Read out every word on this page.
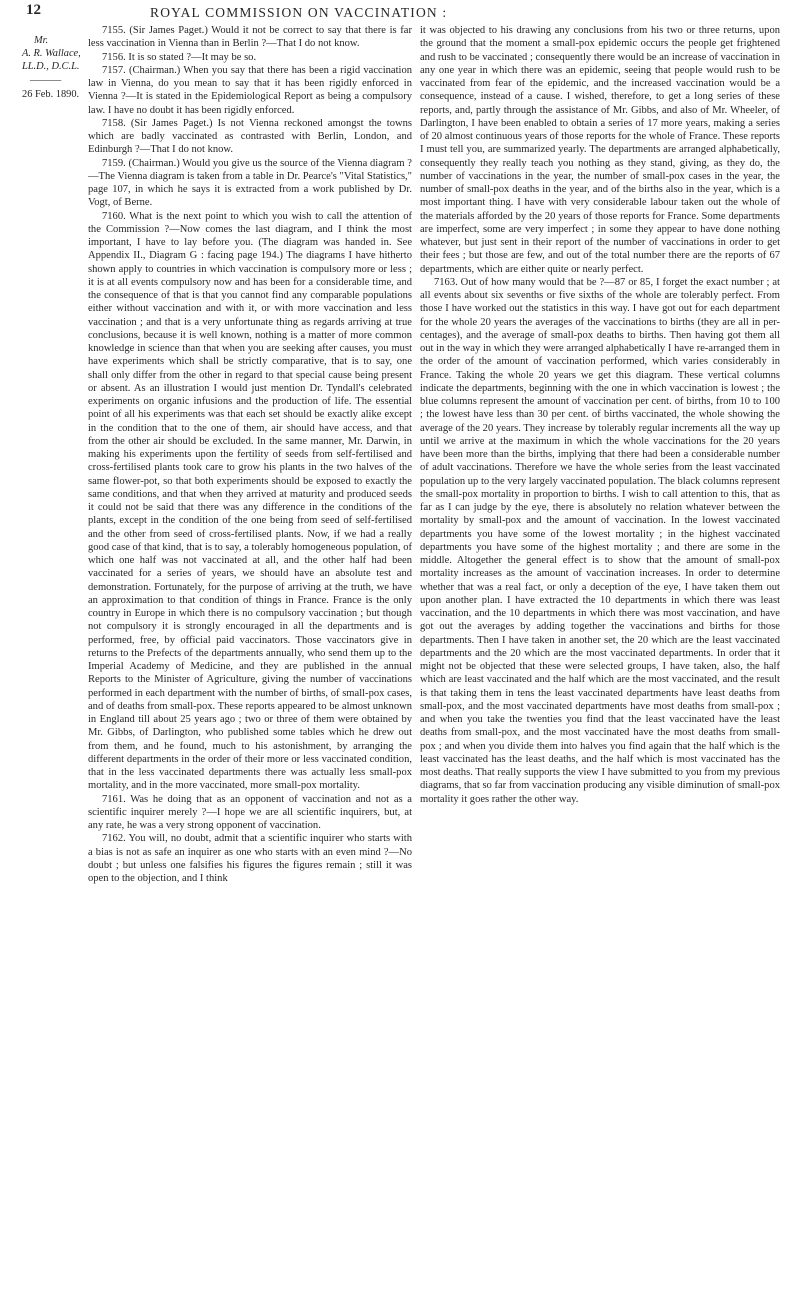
12	ROYAL COMMISSION ON VACCINATION :
Mr.
A. R. Wallace,
LL.D., D.C.L.
______
26 Feb. 1890.

7155. (Sir James Paget.) Would it not be correct to say that there is far less vaccination in Vienna than in Berlin ?—That I do not know.

7156. It is so stated ?—It may be so.

7157. (Chairman.) When you say that there has been a rigid vaccination law in Vienna, do you mean to say that it has been rigidly enforced in Vienna ?—It is stated in the Epidemiological Report as being a compulsory law. I have no doubt it has been rigidly enforced.

7158. (Sir James Paget.) Is not Vienna reckoned amongst the towns which are badly vaccinated as contrasted with Berlin, London, and Edinburgh ?—That I do not know.

7159. (Chairman.) Would you give us the source of the Vienna diagram ?—The Vienna diagram is taken from a table in Dr. Pearce's "Vital Statistics," page 107, in which he says it is extracted from a work published by Dr. Vogt, of Berne.

7160. What is the next point to which you wish to call the attention of the Commission ?—Now comes the last diagram, and I think the most important, I have to lay before you. (The diagram was handed in. See Appendix II., Diagram G : facing page 194.) The diagrams I have hitherto shown apply to countries in which vaccination is compulsory more or less ; it is at all events compulsory now and has been for a considerable time, and the consequence of that is that you cannot find any comparable populations either without vaccination and with it, or with more vaccination and less vaccination ; and that is a very unfortunate thing as regards arriving at true conclusions, because it is well known, nothing is a matter of more common knowledge in science than that when you are seeking after causes, you must have experiments which shall be strictly comparative, that is to say, one shall only differ from the other in regard to that special cause being present or absent. As an illustration I would just mention Dr. Tyndall's celebrated experiments on organic infusions and the production of life. The essential point of all his experiments was that each set should be exactly alike except in the condition that to the one of them, air should have access, and that from the other air should be excluded. In the same manner, Mr. Darwin, in making his experiments upon the fertility of seeds from self-fertilised and cross-fertilised plants took care to grow his plants in the two halves of the same flower-pot, so that both experiments should be exposed to exactly the same conditions, and that when they arrived at maturity and produced seeds it could not be said that there was any difference in the conditions of the plants, except in the condition of the one being from seed of self-fertilised and the other from seed of cross-fertilised plants. Now, if we had a really good case of that kind, that is to say, a tolerably homogeneous population, of which one half was not vaccinated at all, and the other half had been vaccinated for a series of years, we should have an absolute test and demonstration. Fortunately, for the purpose of arriving at the truth, we have an approximation to that condition of things in France. France is the only country in Europe in which there is no compulsory vaccination ; but though not compulsory it is strongly encouraged in all the departments and is performed, free, by official paid vaccinators. Those vaccinators give in returns to the Prefects of the departments annually, who send them up to the Imperial Academy of Medicine, and they are published in the annual Reports to the Minister of Agriculture, giving the number of vaccinations performed in each department with the number of births, of small-pox cases, and of deaths from small-pox. These reports appeared to be almost unknown in England till about 25 years ago ; two or three of them were obtained by Mr. Gibbs, of Darlington, who published some tables which he drew out from them, and he found, much to his astonishment, by arranging the different departments in the order of their more or less vaccinated condition, that in the less vaccinated departments there was actually less small-pox mortality, and in the more vaccinated, more small-pox mortality.

7161. Was he doing that as an opponent of vaccination and not as a scientific inquirer merely ?—I hope we are all scientific inquirers, but, at any rate, he was a very strong opponent of vaccination.

7162. You will, no doubt, admit that a scientific inquirer who starts with a bias is not as safe an inquirer as one who starts with an even mind ?—No doubt ; but unless one falsifies his figures the figures remain ; still it was open to the objection, and I think

it was objected to his drawing any conclusions from his two or three returns, upon the ground that the moment a small-pox epidemic occurs the people get frightened and rush to be vaccinated ; consequently there would be an increase of vaccination in any one year in which there was an epidemic, seeing that people would rush to be vaccinated from fear of the epidemic, and the increased vaccination would be a consequence, instead of a cause. I wished, therefore, to get a long series of these reports, and, partly through the assistance of Mr. Gibbs, and also of Mr. Wheeler, of Darlington, I have been enabled to obtain a series of 17 more years, making a series of 20 almost continuous years of those reports for the whole of France. These reports I must tell you, are summarized yearly. The departments are arranged alphabetically, consequently they really teach you nothing as they stand, giving, as they do, the number of vaccinations in the year, the number of small-pox cases in the year, the number of small-pox deaths in the year, and of the births also in the year, which is a most important thing. I have with very considerable labour taken out the whole of the materials afforded by the 20 years of those reports for France. Some departments are imperfect, some are very imperfect ; in some they appear to have done nothing whatever, but just sent in their report of the number of vaccinations in order to get their fees ; but those are few, and out of the total number there are the reports of 67 departments, which are either quite or nearly perfect.

7163. Out of how many would that be ?—87 or 85, I forget the exact number ; at all events about six sevenths or five sixths of the whole are tolerably perfect. From those I have worked out the statistics in this way. I have got out for each department for the whole 20 years the averages of the vaccinations to births (they are all in per-centages), and the average of small-pox deaths to births. Then having got them all out in the way in which they were arranged alphabetically I have re-arranged them in the order of the amount of vaccination performed, which varies considerably in France. Taking the whole 20 years we get this diagram. These vertical columns indicate the departments, beginning with the one in which vaccination is lowest ; the blue columns represent the amount of vaccination per cent. of births, from 10 to 100 ; the lowest have less than 30 per cent. of births vaccinated, the whole showing the average of the 20 years. They increase by tolerably regular increments all the way up until we arrive at the maximum in which the whole vaccinations for the 20 years have been more than the births, implying that there had been a considerable number of adult vaccinations. Therefore we have the whole series from the least vaccinated population up to the very largely vaccinated population. The black columns represent the small-pox mortality in proportion to births. I wish to call attention to this, that as far as I can judge by the eye, there is absolutely no relation whatever between the mortality by small-pox and the amount of vaccination. In the lowest vaccinated departments you have some of the lowest mortality ; in the highest vaccinated departments you have some of the highest mortality ; and there are some in the middle. Altogether the general effect is to show that the amount of small-pox mortality increases as the amount of vaccination increases. In order to determine whether that was a real fact, or only a deception of the eye, I have taken them out upon another plan. I have extracted the 10 departments in which there was least vaccination, and the 10 departments in which there was most vaccination, and have got out the averages by adding together the vaccinations and births for those departments. Then I have taken in another set, the 20 which are the least vaccinated departments and the 20 which are the most vaccinated departments. In order that it might not be objected that these were selected groups, I have taken, also, the half which are least vaccinated and the half which are the most vaccinated, and the result is that taking them in tens the least vaccinated departments have least deaths from small-pox, and the most vaccinated departments have most deaths from small-pox ; and when you take the twenties you find that the least vaccinated have the least deaths from small-pox, and the most vaccinated have the most deaths from small-pox ; and when you divide them into halves you find again that the half which is the least vaccinated has the least deaths, and the half which is most vaccinated has the most deaths. That really supports the view I have submitted to you from my previous diagrams, that so far from vaccination producing any visible diminution of small-pox mortality it goes rather the other way.
